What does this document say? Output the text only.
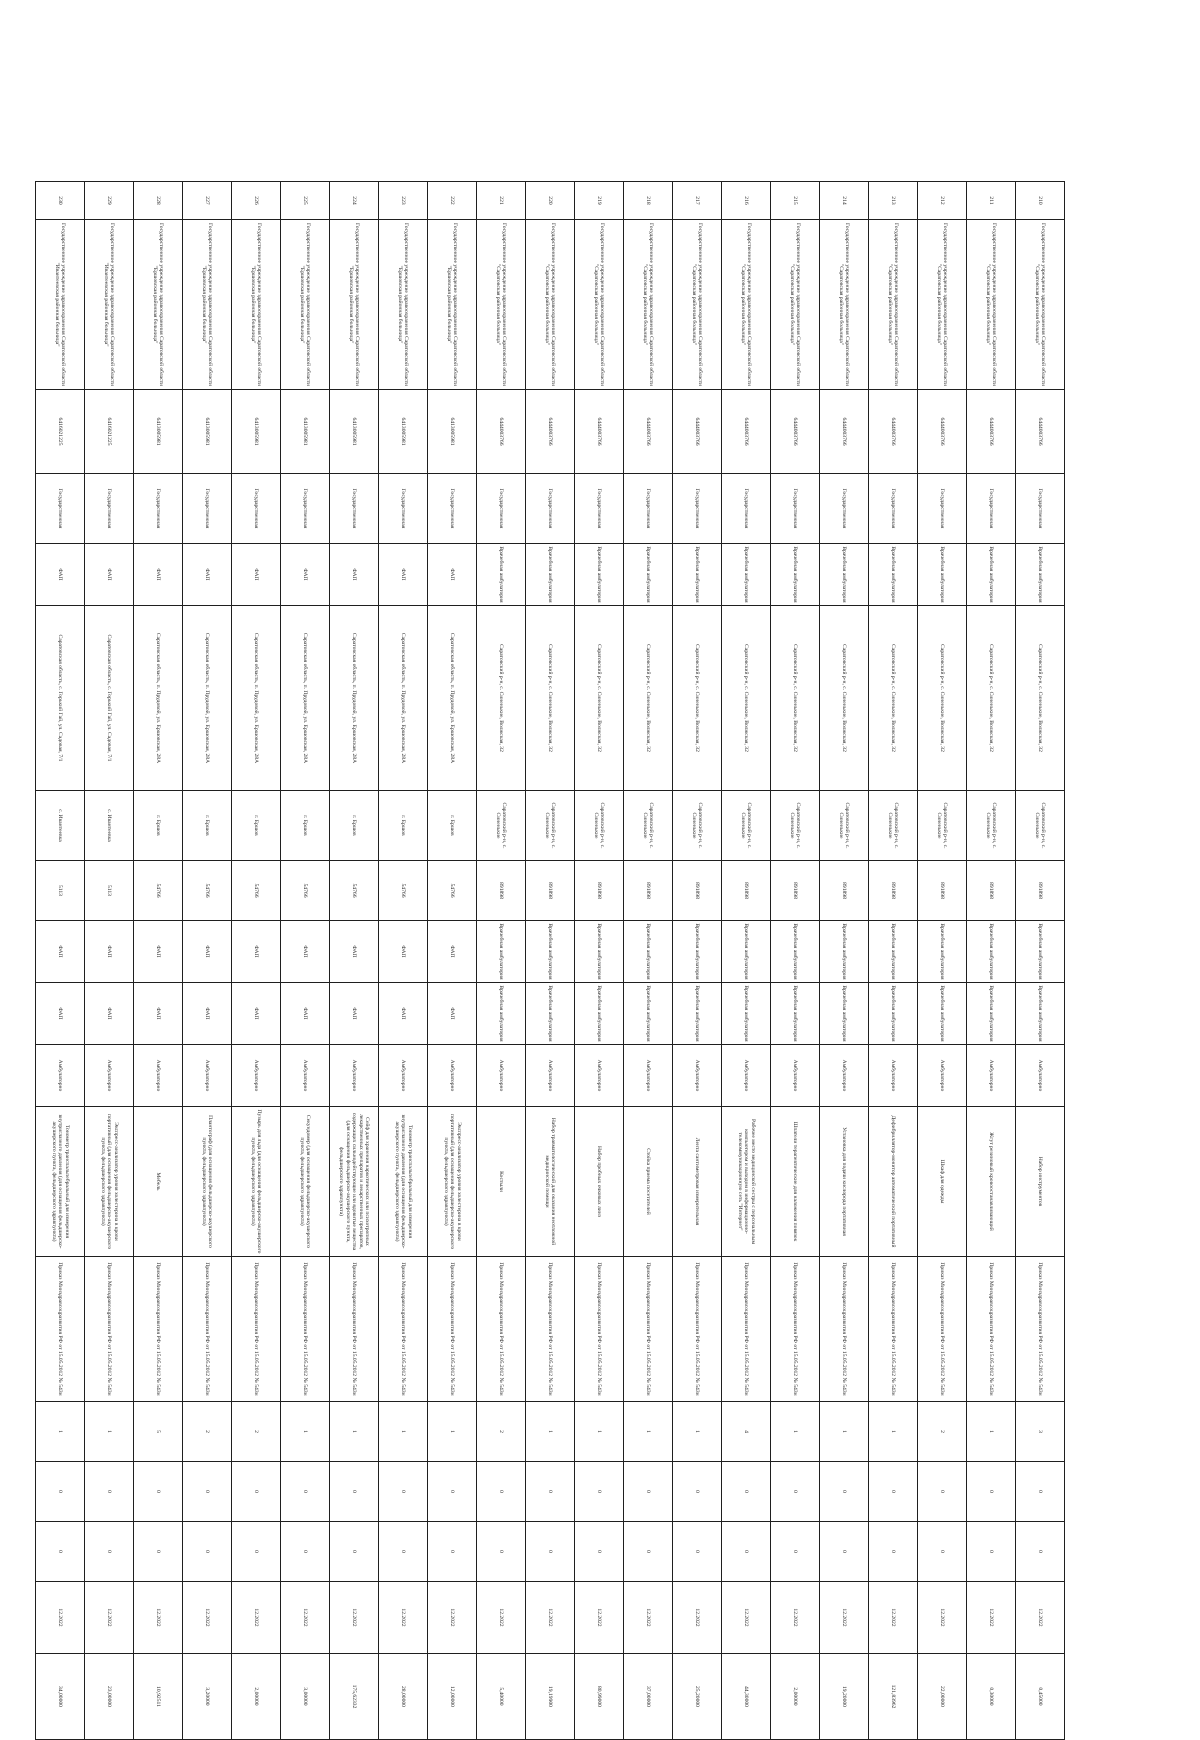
210	Государственное учреждение здравоохранения Саратовской области "Саратовская районная больница"	6444003766	Государственная	Врачебная амбулатория	Саратовский р-н, с. Синенькие, Волжская, 32	Саратовский р-н, с. Синенькие	891898	Врачебная амбулатория	Врачебная амбулатория	Амбулаторно	Набор инструментов	Приказ Минздравсоцразвития РФ от 15.05.2012 № 543н	3	0	0	12.2022	0,45000
211	Государственное учреждение здравоохранения Саратовской области "Саратовская районная больница"	6444003766	Государственная	Врачебная амбулатория	Саратовский р-н, с. Синенькие, Волжская, 32	Саратовский р-н, с. Синенькие	891898	Врачебная амбулатория	Врачебная амбулатория	Амбулаторно	Жгут резиновый кровоостанавливающий	Приказ Минздравсоцразвития РФ от 15.05.2012 № 543н	1	0	0	12.2022	0,30000
212	Государственное учреждение здравоохранения Саратовской области "Саратовская районная больница"	6444003766	Государственная	Врачебная амбулатория	Саратовский р-н, с. Синенькие, Волжская, 32	Саратовский р-н, с. Синенькие	891898	Врачебная амбулатория	Врачебная амбулатория	Амбулаторно	Шкаф для одежды	Приказ Минздравсоцразвития РФ от 15.05.2012 № 543н	2	0	0	12.2022	22,00000
213	Государственное учреждение здравоохранения Саратовской области "Саратовская районная больница"	6444003766	Государственная	Врачебная амбулатория	Саратовский р-н, с. Синенькие, Волжская, 32	Саратовский р-н, с. Синенькие	891898	Врачебная амбулатория	Врачебная амбулатория	Амбулаторно	Дефибриллятор-монитор автоматический портативный	Приказ Минздравсоцразвития РФ от 15.05.2012 № 543н	1	0	0	12.2022	121,83962
214	Государственное учреждение здравоохранения Саратовской области "Саратовская районная больница"	6444003766	Государственная	Врачебная амбулатория	Саратовский р-н, с. Синенькие, Волжская, 32	Саратовский р-н, с. Синенькие	891898	Врачебная амбулатория	Врачебная амбулатория	Амбулаторно	Установка для подачи кислорода портативная	Приказ Минздравсоцразвития РФ от 15.05.2012 № 543н	1	0	0	12.2022	19,20000
215	Государственное учреждение здравоохранения Саратовской области "Саратовская районная больница"	6444003766	Государственная	Врачебная амбулатория	Саратовский р-н, с. Синенькие, Волжская, 32	Саратовский р-н, с. Синенькие	891898	Врачебная амбулатория	Врачебная амбулатория	Амбулаторно	Шпатели терапевтические для наложения повязок	Приказ Минздравсоцразвития РФ от 15.05.2012 № 543н	1	0	0	12.2022	2,00000
216	Государственное учреждение здравоохранения Саратовской области "Саратовская районная больница"	6444003766	Государственная	Врачебная амбулатория	Саратовский р-н, с. Синенькие, Волжская, 32	Саратовский р-н, с. Синенькие	891898	Врачебная амбулатория	Врачебная амбулатория	Амбулаторно	Рабочее место медицинской сестры с персональным компьютером и выходом в информационно-телекоммуникационную сеть "Интернет"	Приказ Минздравсоцразвития РФ от 15.05.2012 № 543н	4	0	0	12.2022	44,30000
217	Государственное учреждение здравоохранения Саратовской области "Саратовская районная больница"	6444003766	Государственная	Врачебная амбулатория	Саратовский р-н, с. Синенькие, Волжская, 32	Саратовский р-н, с. Синенькие	891898	Врачебная амбулатория	Врачебная амбулатория	Амбулаторно	Лента сантиметровая измерительная	Приказ Минздравсоцразвития РФ от 15.05.2012 № 543н	1	0	0	12.2022	25,20000
218	Государственное учреждение здравоохранения Саратовской области "Саратовская районная больница"	6444003766	Государственная	Врачебная амбулатория	Саратовский р-н, с. Синенькие, Волжская, 32	Саратовский р-н, с. Синенькие	891898	Врачебная амбулатория	Врачебная амбулатория	Амбулаторно	Стойка приема посетителей	Приказ Минздравсоцразвития РФ от 15.05.2012 № 543н	1	0	0	12.2022	37,00000
219	Государственное учреждение здравоохранения Саратовской области "Саратовская районная больница"	6444003766	Государственная	Врачебная амбулатория	Саратовский р-н, с. Синенькие, Волжская, 32	Саратовский р-н, с. Синенькие	891898	Врачебная амбулатория	Врачебная амбулатория	Амбулаторно	Набор пробных очковых линз	Приказ Минздравсоцразвития РФ от 15.05.2012 № 543н	1	0	0	12.2022	80,99000
220	Государственное учреждение здравоохранения Саратовской области "Саратовская районная больница"	6444003766	Государственная	Врачебная амбулатория	Саратовский р-н, с. Синенькие, Волжская, 32	Саратовский р-н, с. Синенькие	891898	Врачебная амбулатория	Врачебная амбулатория	Амбулаторно	Набор травматологический для оказания неотложной медицинской помощи	Приказ Минздравсоцразвития РФ от 15.05.2012 № 543н	1	0	0	12.2022	19,19900
221	Государственное учреждение здравоохранения Саратовской области "Саратовская районная больница"	6444003766	Государственная	Врачебная амбулатория	Саратовский р-н, с. Синенькие, Волжская, 32	Саратовский р-н, с. Синенькие	891898	Врачебная амбулатория	Врачебная амбулатория	Амбулаторно	Костыли	Приказ Минздравсоцразвития РФ от 15.05.2012 № 543н	2	0	0	12.2022	5,40000
222	Государственное учреждение здравоохранения Саратовской области "Ершовская районная больница"	6413005981	Государственная	ФАП	Саратовская область, п. Прудовой, ул. Ершовская, 28А	г. Ершов	54766	ФАП	ФАП	Амбулаторно	Экспресс-анализатор уровня холестерина в крови портативный (для оснащения фельдшерско-акушерского пункта, фельдшерского здравпункта)	Приказ Минздравсоцразвития РФ от 15.05.2012 № 543н	1	0	0	12.2022	12,00000
223	Государственное учреждение здравоохранения Саратовской области "Ершовская районная больница"	6413005981	Государственная	ФАП	Саратовская область, п. Прудовой, ул. Ершовская, 28А	г. Ершов	54766	ФАП	ФАП	Амбулаторно	Тонометр транспальпебральный для измерения внутриглазного давления (для оснащения фельдшерско-акушерского пункта, фельдшерского здравпункта)	Приказ Минздравсоцразвития РФ от 15.05.2012 № 543н	1	0	0	12.2022	28,00000
224	Государственное учреждение здравоохранения Саратовской области "Ершовская районная больница"	6413005981	Государственная	ФАП	Саратовская область, п. Прудовой, ул. Ершовская, 28А	г. Ершов	54766	ФАП	ФАП	Амбулаторно	Сейф для хранения наркотических или психотропных лекарственных препаратов и лекарственных препаратов, содержащих сильнодействующие или ядовитые вещества (для оснащения фельдшерско-акушерского пункта, фельдшерского здравпункта)	Приказ Минздравсоцразвития РФ от 15.05.2012 № 543н	1	0	0	12.2022	175,62332
225	Государственное учреждение здравоохранения Саратовской области "Ершовская районная больница"	6413005981	Государственная	ФАП	Саратовская область, п. Прудовой, ул. Ершовская, 28А	г. Ершов	54766	ФАП	ФАП	Амбулаторно	Секундомер (для оснащения фельдшерско-акушерского пункта, фельдшерского здравпункта)	Приказ Минздравсоцразвития РФ от 15.05.2012 № 543н	1	0	0	12.2022	3,00000
226	Государственное учреждение здравоохранения Саратовской области "Ершовская районная больница"	6413005981	Государственная	ФАП	Саратовская область, п. Прудовой, ул. Ершовская, 28А	г. Ершов	54766	ФАП	ФАП	Амбулаторно	Пузырь для льда (для оснащения фельдшерско-акушерского пункта, фельдшерского здравпункта)	Приказ Минздравсоцразвития РФ от 15.05.2012 № 543н	2	0	0	12.2022	2,00000
227	Государственное учреждение здравоохранения Саратовской области "Ершовская районная больница"	6413005981	Государственная	ФАП	Саратовская область, п. Прудовой, ул. Ершовская, 28А	г. Ершов	54766	ФАП	ФАП	Амбулаторно	Плантограф (для оснащения фельдшерско-акушерского пункта, фельдшерского здравпункта)	Приказ Минздравсоцразвития РФ от 15.05.2012 № 543н	2	0	0	12.2022	3,20000
228	Государственное учреждение здравоохранения Саратовской области "Ершовская районная больница"	6413005981	Государственная	ФАП	Саратовская область, п. Прудовой, ул. Ершовская, 28А	г. Ершов	54766	ФАП	ФАП	Амбулаторно	Мебель	Приказ Минздравсоцразвития РФ от 15.05.2012 № 543н	5	0	0	12.2022	10,92511
229	Государственное учреждение здравоохранения Саратовской области "Ивантеевская районная больница"	6416021225	Государственная	ФАП	Саратовская область, с. Горький Гай, ул. Садовая, 7/1	с. Ивантеевка	5113	ФАП	ФАП	Амбулаторно	Экспресс-анализатор уровня холестерина в крови портативный (для оснащения фельдшерско-акушерского пункта, фельдшерского здравпункта)	Приказ Минздравсоцразвития РФ от 15.05.2012 № 543н	1	0	0	12.2022	23,00000
230	Государственное учреждение здравоохранения Саратовской области "Ивантеевская районная больница"	6416021225	Государственная	ФАП	Саратовская область, с. Горький Гай, ул. Садовая, 7/1	с. Ивантеевка	5113	ФАП	ФАП	Амбулаторно	Тонометр транспальпебральный для измерения внутриглазного давления (для оснащения фельдшерско-акушерского пункта, фельдшерского здравпункта)	Приказ Минздравсоцразвития РФ от 15.05.2012 № 543н	1	0	0	12.2022	34,00000
